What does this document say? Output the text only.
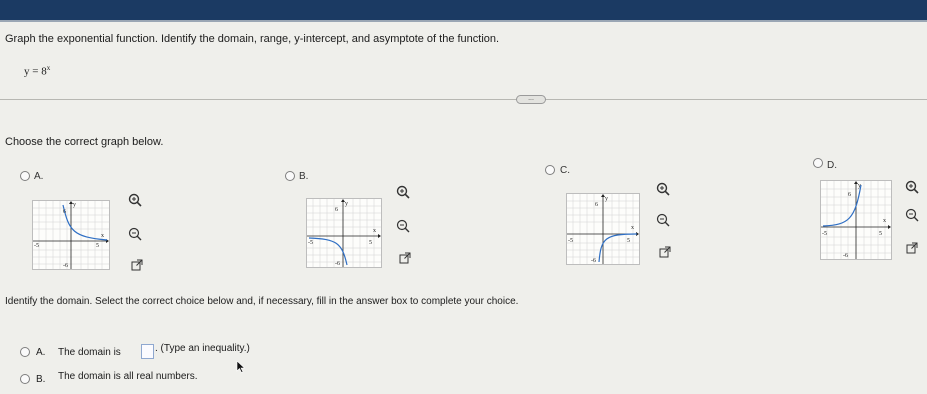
Graph the exponential function. Identify the domain, range, y-intercept, and asymptote of the function.
$y = 8^x$
...
Choose the correct graph below.
A.
y
x
6
-5	5
-6
B.
y
x
6
-5	5
-6
C.
y
x
6
-5	5
-6
D.
y
x
6
-5	5
-6
Identify the domain. Select the correct choice below and, if necessary, fill in the answer box to complete your choice.
A. The domain is	. (Type an inequality.)
B. The domain is all real numbers.
